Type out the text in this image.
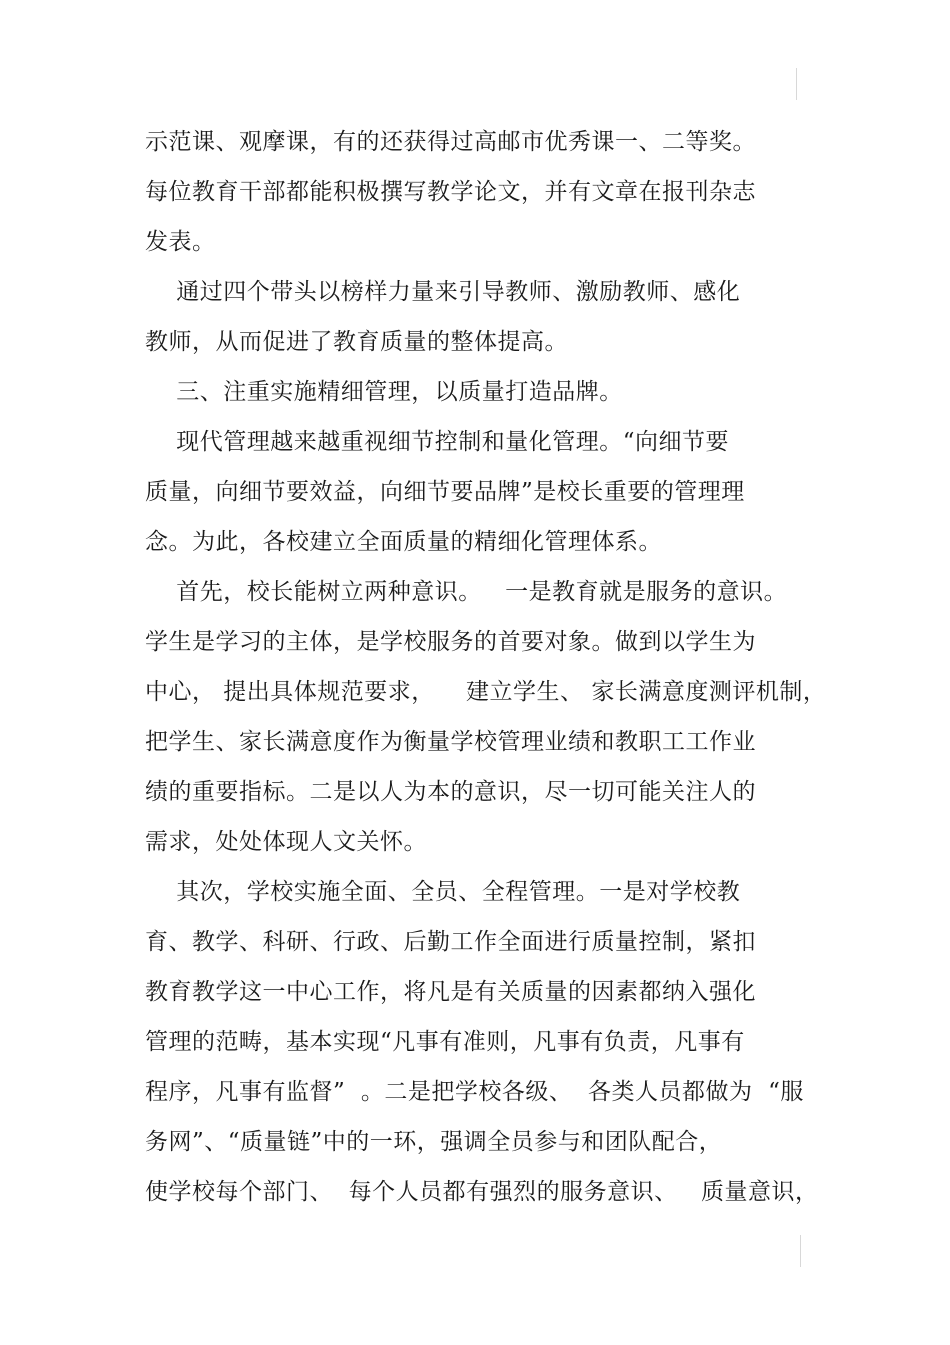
示范课、观摩课，有的还获得过高邮市优秀课一、二等奖。
每位教育干部都能积极撰写教学论文，并有文章在报刊杂志
发表。
通过四个带头以榜样力量来引导教师、激励教师、感化
教师，从而促进了教育质量的整体提高。
三、注重实施精细管理，以质量打造品牌。
现代管理越来越重视细节控制和量化管理。“向细节要
质量，向细节要效益，向细节要品牌”是校长重要的管理理
念。为此，各校建立全面质量的精细化管理体系。
首先，校长能树立两种意识。   一是教育就是服务的意识。
学生是学习的主体，是学校服务的首要对象。做到以学生为
中心， 提出具体规范要求，    建立学生、 家长满意度测评机制，
把学生、家长满意度作为衡量学校管理业绩和教职工工作业
绩的重要指标。二是以人为本的意识，尽一切可能关注人的
需求，处处体现人文关怀。
其次，学校实施全面、全员、全程管理。一是对学校教
育、教学、科研、行政、后勤工作全面进行质量控制，紧扣
教育教学这一中心工作，将凡是有关质量的因素都纳入强化
管理的范畴，基本实现“凡事有准则，凡事有负责，凡事有
程序，凡事有监督”  。二是把学校各级、  各类人员都做为  “服
务网”、“质量链”中的一环，强调全员参与和团队配合，
使学校每个部门、  每个人员都有强烈的服务意识、   质量意识，
